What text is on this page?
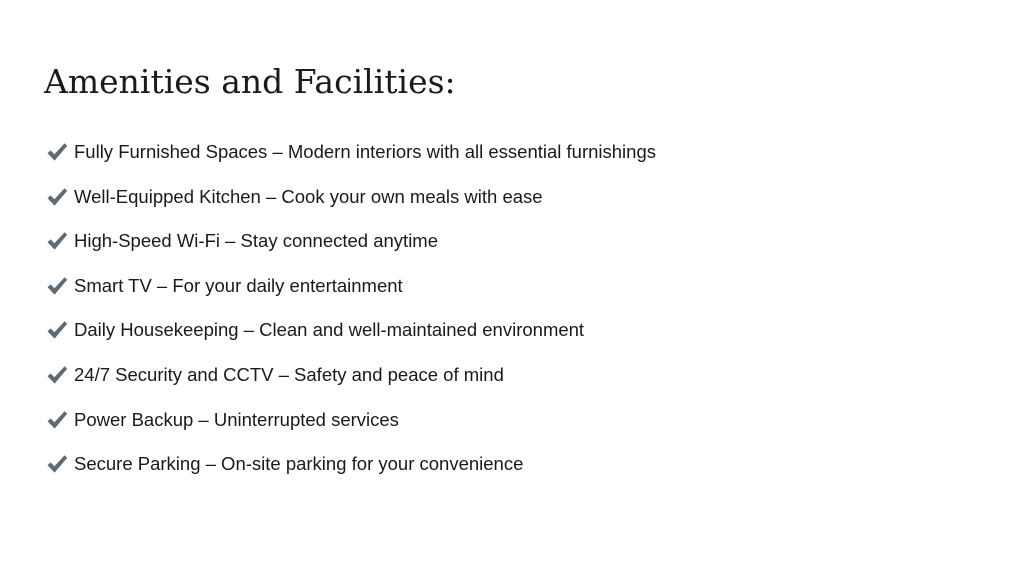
Amenities and Facilities:
Fully Furnished Spaces – Modern interiors with all essential furnishings
Well-Equipped Kitchen – Cook your own meals with ease
High-Speed Wi-Fi – Stay connected anytime
Smart TV – For your daily entertainment
Daily Housekeeping – Clean and well-maintained environment
24/7 Security and CCTV – Safety and peace of mind
Power Backup – Uninterrupted services
Secure Parking – On-site parking for your convenience
